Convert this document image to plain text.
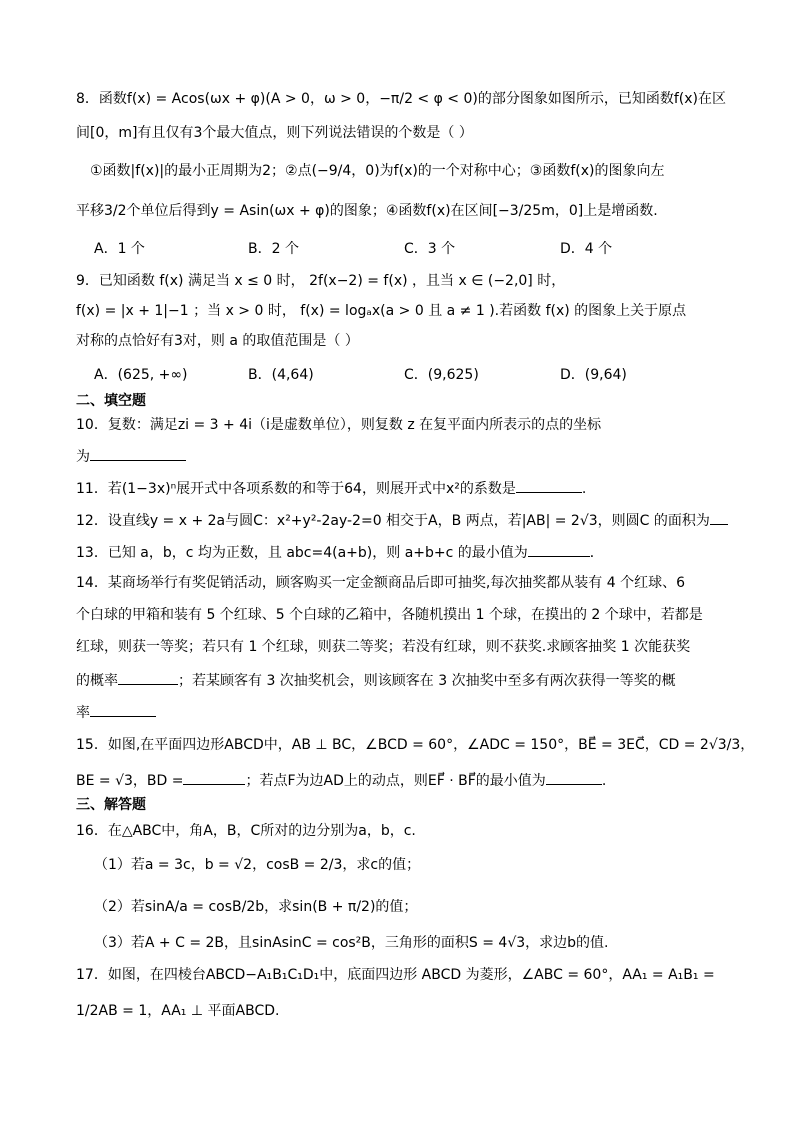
8．函数f(x) = Acos(ωx + φ)(A > 0，ω > 0，−π/2 < φ < 0)的部分图象如图所示，已知函数f(x)在区
间[0，m]有且仅有3个最大值点，则下列说法错误的个数是（ ）
①函数|f(x)|的最小正周期为2；②点(−9/4，0)为f(x)的一个对称中心；③函数f(x)的图象向左
平移3/2个单位后得到y = Asin(ωx + φ)的图象；④函数f(x)在区间[−3/25m，0]上是增函数.
A．1 个	B．2 个	C．3 个	D．4 个
9．已知函数 f(x) 满足当 x ≤ 0 时， 2f(x−2) = f(x) ，且当 x ∈ (−2,0] 时，
f(x) = |x + 1|−1 ；当 x > 0 时， f(x) = logₐx(a > 0 且 a ≠ 1 ).若函数 f(x) 的图象上关于原点
对称的点恰好有3对，则 a 的取值范围是（ ）
A．(625, +∞)	B．(4,64)	C．(9,625)	D．(9,64)
二、填空题
10．复数：满足zi = 3 + 4i（i是虚数单位），则复数 z 在复平面内所表示的点的坐标
为
11．若(1−3x)ⁿ展开式中各项系数的和等于64，则展开式中x²的系数是	.
12．设直线y = x + 2a与圆C：x²+y²-2ay-2=0 相交于A，B 两点，若|AB| = 2√3，则圆C 的面积为
13．已知 a，b，c 均为正数，且 abc=4(a+b)，则 a+b+c 的最小值为	．
14．某商场举行有奖促销活动，顾客购买一定金额商品后即可抽奖,每次抽奖都从装有 4 个红球、6
个白球的甲箱和装有 5 个红球、5 个白球的乙箱中，各随机摸出 1 个球，在摸出的 2 个球中，若都是
红球，则获一等奖；若只有 1 个红球，则获二等奖；若没有红球，则不获奖.求顾客抽奖 1 次能获奖
的概率	；若某顾客有 3 次抽奖机会，则该顾客在 3 次抽奖中至多有两次获得一等奖的概
率
15．如图,在平面四边形ABCD中，AB ⊥ BC，∠BCD = 60°，∠ADC = 150°，BE⃗ = 3EC⃗，CD = 2√3/3，
BE = √3，BD =	；若点F为边AD上的动点，则EF⃗ · BF⃗的最小值为	.
三、解答题
16．在△ABC中，角A，B，C所对的边分别为a，b，c.
（1）若a = 3c，b = √2，cosB = 2/3，求c的值；
（2）若sinA/a = cosB/2b，求sin(B + π/2)的值；
（3）若A + C = 2B，且sinAsinC = cos²B，三角形的面积S = 4√3，求边b的值.
17．如图，在四棱台ABCD−A₁B₁C₁D₁中，底面四边形 ABCD 为菱形，∠ABC = 60°，AA₁ = A₁B₁ =
1/2AB = 1，AA₁ ⊥ 平面ABCD.
